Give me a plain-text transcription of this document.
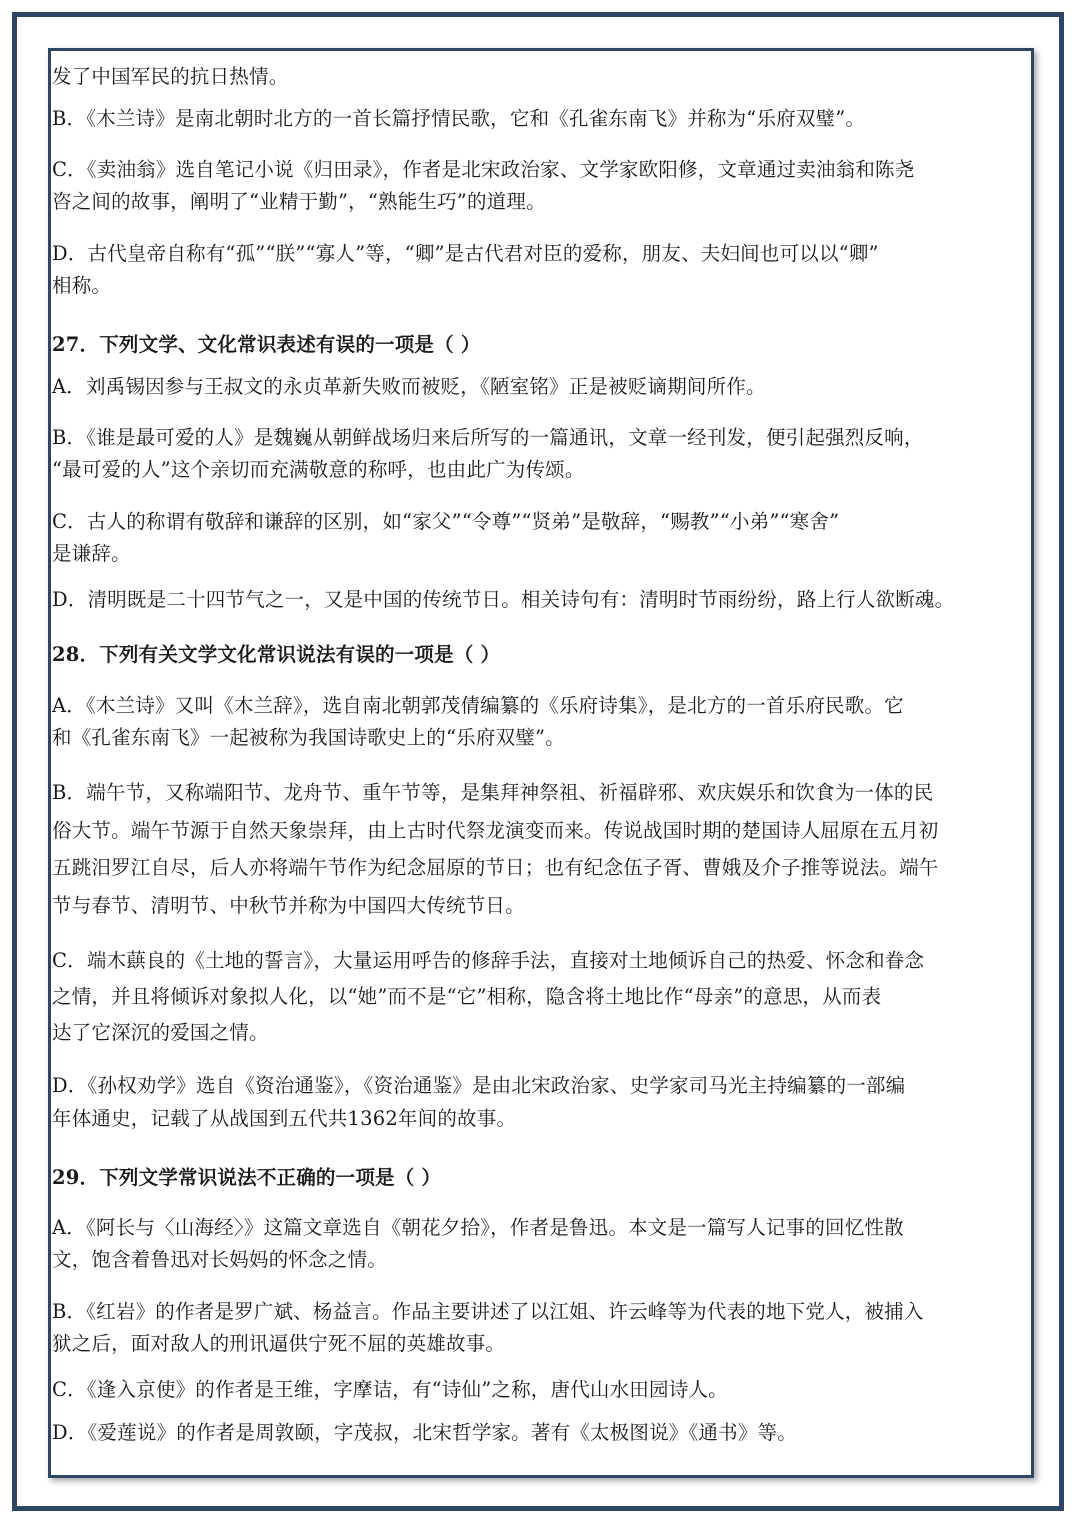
发了中国军民的抗日热情。

B．《木兰诗》是南北朝时北方的一首长篇抒情民歌，它和《孔雀东南飞》并称为“乐府双璧”。

C．《卖油翁》选自笔记小说《归田录》，作者是北宋政治家、文学家欧阳修，文章通过卖油翁和陈尧

咨之间的故事，阐明了“业精于勤”，“熟能生巧”的道理。

D．古代皇帝自称有“孤”“朕”“寡人”等，“卿”是古代君对臣的爱称，朋友、夫妇间也可以以“卿”

相称。

27．下列文学、文化常识表述有误的一项是（ ）

A．刘禹锡因参与王叔文的永贞革新失败而被贬，《陋室铭》正是被贬谪期间所作。

B．《谁是最可爱的人》是魏巍从朝鲜战场归来后所写的一篇通讯，文章一经刊发，便引起强烈反响，

“最可爱的人”这个亲切而充满敬意的称呼，也由此广为传颂。

C．古人的称谓有敬辞和谦辞的区别，如“家父”“令尊”“贤弟”是敬辞，“赐教”“小弟”“寒舍”

是谦辞。

D．清明既是二十四节气之一，又是中国的传统节日。相关诗句有：清明时节雨纷纷，路上行人欲断魂。

28．下列有关文学文化常识说法有误的一项是（ ）

A．《木兰诗》又叫《木兰辞》，选自南北朝郭茂倩编纂的《乐府诗集》，是北方的一首乐府民歌。它

和《孔雀东南飞》一起被称为我国诗歌史上的“乐府双璧”。

B．端午节，又称端阳节、龙舟节、重午节等，是集拜神祭祖、祈福辟邪、欢庆娱乐和饮食为一体的民

俗大节。端午节源于自然天象崇拜，由上古时代祭龙演变而来。传说战国时期的楚国诗人屈原在五月初

五跳汨罗江自尽，后人亦将端午节作为纪念屈原的节日；也有纪念伍子胥、曹娥及介子推等说法。端午

节与春节、清明节、中秋节并称为中国四大传统节日。

C．端木蕻良的《土地的誓言》，大量运用呼告的修辞手法，直接对土地倾诉自己的热爱、怀念和眷念

之情，并且将倾诉对象拟人化，以“她”而不是“它”相称，隐含将土地比作“母亲”的意思，从而表

达了它深沉的爱国之情。

D．《孙权劝学》选自《资治通鉴》，《资治通鉴》是由北宋政治家、史学家司马光主持编纂的一部编

年体通史，记载了从战国到五代共1362年间的故事。

29．下列文学常识说法不正确的一项是（ ）

A．《阿长与〈山海经〉》这篇文章选自《朝花夕拾》，作者是鲁迅。本文是一篇写人记事的回忆性散

文，饱含着鲁迅对长妈妈的怀念之情。

B．《红岩》的作者是罗广斌、杨益言。作品主要讲述了以江姐、许云峰等为代表的地下党人，被捕入

狱之后，面对敌人的刑讯逼供宁死不屈的英雄故事。

C．《逢入京使》的作者是王维，字摩诘，有“诗仙”之称，唐代山水田园诗人。

D．《爱莲说》的作者是周敦颐，字茂叔，北宋哲学家。著有《太极图说》《通书》等。
